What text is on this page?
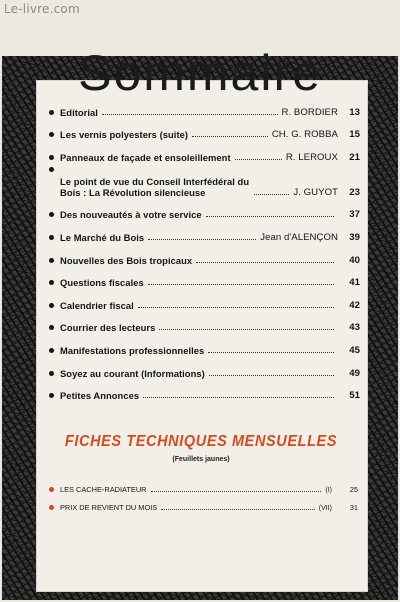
Le-livre.com
Sommaire
Editorial	R. BORDIER	13
Les vernis polyesters (suite)	CH. G. ROBBA	15
Panneaux de façade et ensoleillement	R. LEROUX	21
Le point de vue du Conseil Interfédéral du Bois : La Révolution silencieuse	J. GUYOT	23
Des nouveautés à votre service	37
Le Marché du Bois	Jean d'ALENÇON	39
Nouvelles des Bois tropicaux	40
Questions fiscales	41
Calendrier fiscal	42
Courrier des lecteurs	43
Manifestations professionnelles	45
Soyez au courant (Informations)	49
Petites Annonces	51
FICHES TECHNIQUES MENSUELLES
(Feuillets jaunes)
LES CACHE-RADIATEUR	(I)	25
PRIX DE REVIENT DU MOIS	(VII)	31
